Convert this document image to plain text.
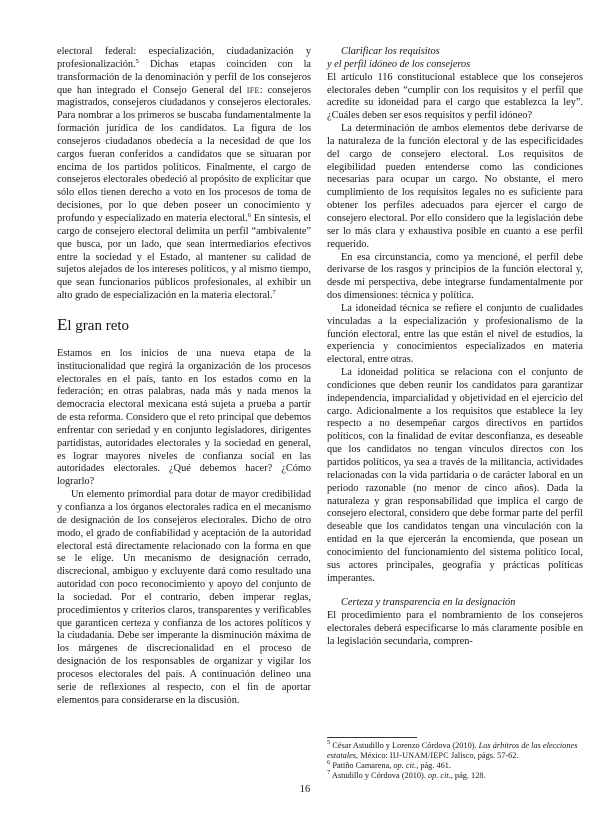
electoral federal: especialización, ciudadanización y profesionalización.$^5$ Dichas etapas coinciden con la transformación de la denominación y perfil de los consejeros que han integrado el Consejo General del IFE: consejeros magistrados, consejeros ciudadanos y consejeros electorales. Para nombrar a los primeros se buscaba fundamentalmente la formación jurídica de los candidatos. La figura de los consejeros ciudadanos obedecía a la necesidad de que los cargos fueran conferidos a candidatos que se situaran por encima de los partidos políticos. Finalmente, el cargo de consejeros electorales obedeció al propósito de explicitar que sólo ellos tienen derecho a voto en los procesos de toma de decisiones, por lo que deben poseer un conocimiento y profundo y especializado en materia electoral.$^6$ En síntesis, el cargo de consejero electoral delimita un perfil “ambivalente” que busca, por un lado, que sean intermediarios efectivos entre la sociedad y el Estado, al mantener su calidad de sujetos alejados de los intereses políticos, y al mismo tiempo, que sean funcionarios públicos profesionales, al exhibir un alto grado de especialización en la materia electoral.$^7$

El gran reto

Estamos en los inicios de una nueva etapa de la institucionalidad que regirá la organización de los procesos electorales en el país, tanto en los estados como en la federación; en otras palabras, nada más y nada menos la democracia electoral mexicana está sujeta a prueba a partir de esta reforma. Considero que el reto principal que debemos enfrentar con seriedad y en conjunto legisladores, dirigentes partidistas, autoridades electorales y la sociedad en general, es lograr mayores niveles de confianza social en las autoridades electorales. ¿Qué debemos hacer? ¿Cómo lograrlo?

Un elemento primordial para dotar de mayor credibilidad y confianza a los órganos electorales radica en el mecanismo de designación de los consejeros electorales. Dicho de otro modo, el grado de confiabilidad y aceptación de la autoridad electoral está directamente relacionado con la forma en que se le elige. Un mecanismo de designación cerrado, discrecional, ambiguo y excluyente dará como resultado una autoridad con poco reconocimiento y apoyo del conjunto de la sociedad. Por el contrario, deben imperar reglas, procedimientos y criterios claros, transparentes y verificables que garanticen certeza y confianza de los actores políticos y la ciudadanía. Debe ser imperante la disminución máxima de los márgenes de discrecionalidad en el proceso de designación de los responsables de organizar y vigilar los procesos electorales del país. A continuación delineo una serie de reflexiones al respecto, con el fin de aportar elementos para considerarse en la discusión.

Clarificar los requisitos
y el perfil idóneo de los consejeros

El artículo 116 constitucional establece que los consejeros electorales deben “cumplir con los requisitos y el perfil que acredite su idoneidad para el cargo que establezca la ley”. ¿Cuáles deben ser esos requisitos y perfil idóneo?

La determinación de ambos elementos debe derivarse de la naturaleza de la función electoral y de las especificidades del cargo de consejero electoral. Los requisitos de elegibilidad pueden entenderse como las condiciones necesarias para ocupar un cargo. No obstante, el mero cumplimiento de los requisitos legales no es suficiente para obtener los perfiles adecuados para ejercer el cargo de consejero electoral. Por ello considero que la legislación debe ser lo más clara y exhaustiva posible en cuanto a ese perfil requerido.

En esa circunstancia, como ya mencioné, el perfil debe derivarse de los rasgos y principios de la función electoral y, desde mi perspectiva, debe integrarse fundamentalmente por dos dimensiones: técnica y política.

La idoneidad técnica se refiere el conjunto de cualidades vinculadas a la especialización y profesionalismo de la función electoral, entre las que están el nivel de estudios, la experiencia y conocimientos especializados en materia electoral, entre otras.

La idoneidad política se relaciona con el conjunto de condiciones que deben reunir los candidatos para garantizar independencia, imparcialidad y objetividad en el ejercicio del cargo. Adicionalmente a los requisitos que establece la ley respecto a no desempeñar cargos directivos en partidos políticos, con la finalidad de evitar desconfianza, es deseable que los candidatos no tengan vínculos directos con los partidos políticos, ya sea a través de la militancia, actividades relacionadas con la vida partidaria o de carácter laboral en un periodo razonable (no menor de cinco años). Dada la naturaleza y gran responsabilidad que implica el cargo de consejero electoral, considero que debe formar parte del perfil deseable que los candidatos tengan una vinculación con la entidad en la que ejercerán la encomienda, que posean un conocimiento del funcionamiento del sistema político local, sus actores principales, geografía y prácticas políticas imperantes.

Certeza y transparencia en la designación

El procedimiento para el nombramiento de los consejeros electorales deberá especificarse lo más claramente posible en la legislación secundaria, compren-

$^5$ César Astudillo y Lorenzo Córdova (2010). Los árbitros de las elecciones estatales, México: IIJ-UNAM/IEPC Jalisco, págs. 57-62.
$^6$ Patiño Camarena, op. cit., pág. 461.
$^7$ Astudillo y Córdova (2010). op. cit., pág. 128.
16
